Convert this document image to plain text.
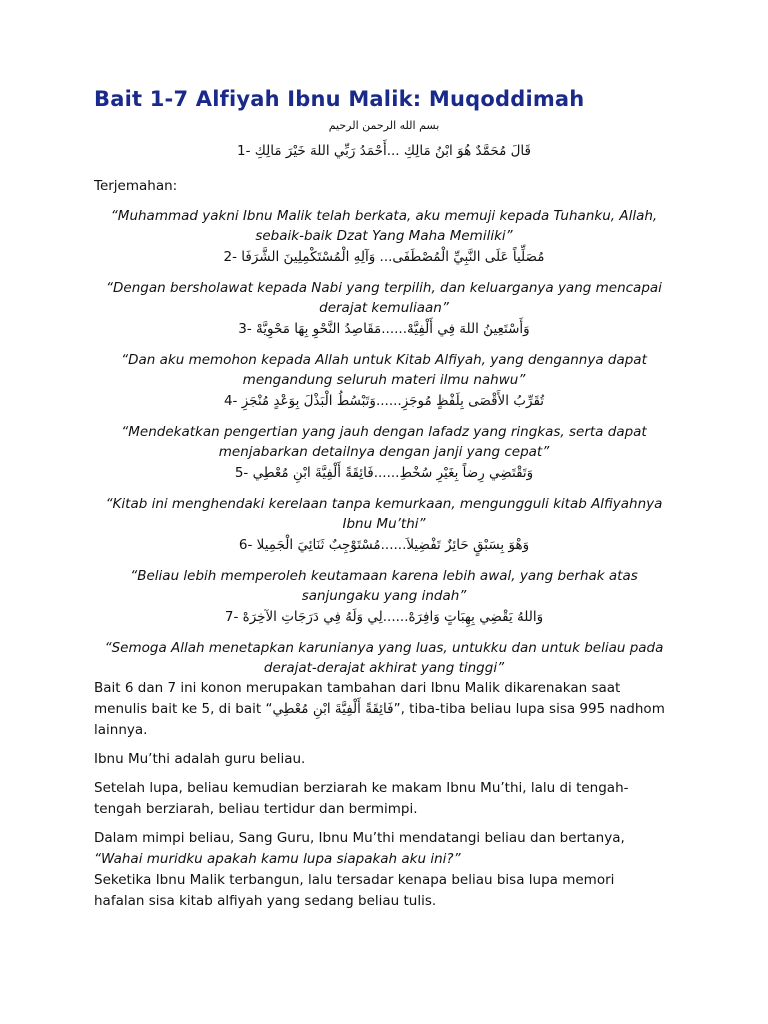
Bait 1-7 Alfiyah Ibnu Malik: Muqoddimah
بسم الله الرحمن الرحيم
قَالَ مُحَمَّدٌ هُوَ ابْنُ مَالِكِ ...أَحْمَدُ رَبِّي اللهَ خَيْرَ مَالِكِ -1
Terjemahan:
“Muhammad yakni Ibnu Malik telah berkata, aku memuji kepada Tuhanku, Allah,
sebaik-baik Dzat Yang Maha Memiliki”
مُصَلِّياً عَلَى النَّبِيِّ الْمُصْطَفَى... وَآلِهِ الْمُسْتَكْمِلِينَ الشَّرَفَا -2
“Dengan bersholawat kepada Nabi yang terpilih, dan keluarganya yang mencapai
derajat kemuliaan”
وَأَسْتَعِينُ اللهَ فِي أَلْفِيَّهْ......مَقَاصِدُ النَّحْوِ بِهَا مَحْوِيَّهْ -3
“Dan aku memohon kepada Allah untuk Kitab Alfiyah, yang dengannya dapat
mengandung seluruh materi ilmu nahwu”
تُقَرِّبُ الأَقْصَى بِلَفْظٍ مُوجَزِ......وَتَبْسُطُ الْبَذْلَ بِوَعْدٍ مُنْجَزِ -4
“Mendekatkan pengertian yang jauh dengan lafadz yang ringkas, serta dapat
menjabarkan detailnya dengan janji yang cepat”
وَتَقْتَضِي رِضاً بِغَيْرِ سُخْطِ......فَائِقَةً أَلْفِيَّةَ ابْنِ مُعْطِي -5
“Kitab ini menghendaki kerelaan tanpa kemurkaan, mengungguli kitab Alfiyahnya
Ibnu Mu’thi”
وَهْوَ بِسَبْقٍ حَائِزٌ تَفْضِيلاَ......مُسْتَوْجِبٌ ثَنَائِيَ الْجَمِيلا -6
“Beliau lebih memperoleh keutamaan karena lebih awal, yang berhak atas
sanjungaku yang indah”
وَاللهُ يَقْضِي بِهِبَاتٍ وَافِرَهْ......لِي وَلَهُ فِي دَرَجَاتِ الآخِرَهْ -7
“Semoga Allah menetapkan karunianya yang luas, untukku dan untuk beliau pada
derajat-derajat akhirat yang tinggi”
Bait 6 dan 7 ini konon merupakan tambahan dari Ibnu Malik dikarenakan saat
menulis bait ke 5, di bait “فَائِقَةً أَلْفِيَّةَ ابْنِ مُعْطِي”, tiba-tiba beliau lupa sisa 995 nadhom
lainnya.
Ibnu Mu’thi adalah guru beliau.
Setelah lupa, beliau kemudian berziarah ke makam Ibnu Mu’thi, lalu di tengah-
tengah berziarah, beliau tertidur dan bermimpi.
Dalam mimpi beliau, Sang Guru, Ibnu Mu’thi mendatangi beliau dan bertanya,
“Wahai muridku apakah kamu lupa siapakah aku ini?”
Seketika Ibnu Malik terbangun, lalu tersadar kenapa beliau bisa lupa memori
hafalan sisa kitab alfiyah yang sedang beliau tulis.
